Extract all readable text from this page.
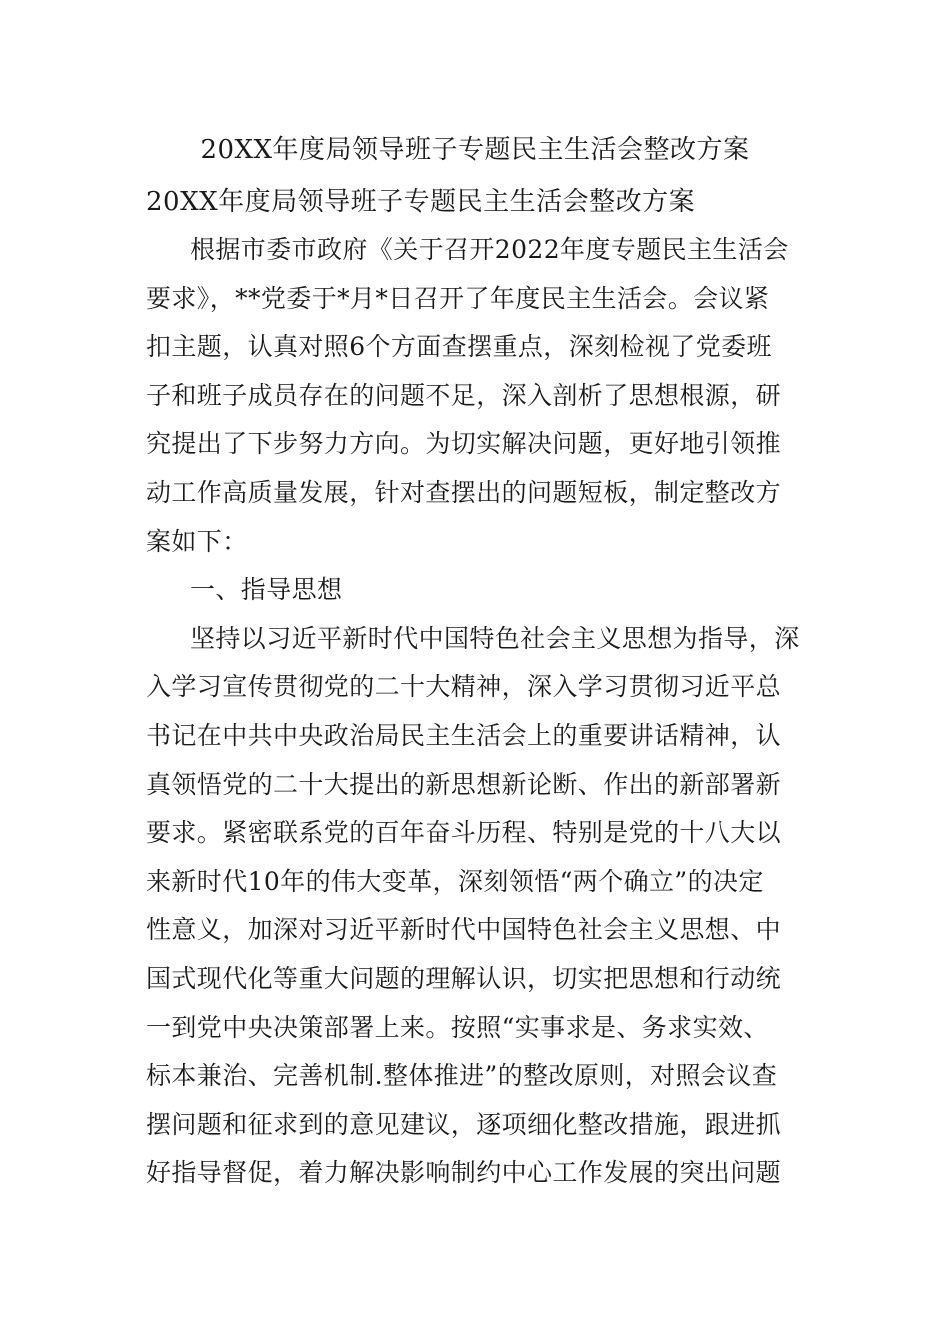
20XX年度局领导班子专题民主生活会整改方案
20XX年度局领导班子专题民主生活会整改方案
根据市委市政府《关于召开2022年度专题民主生活会
要求》，**党委于*月*日召开了年度民主生活会。会议紧
扣主题，认真对照6个方面查摆重点，深刻检视了党委班
子和班子成员存在的问题不足，深入剖析了思想根源，研
究提出了下步努力方向。为切实解决问题，更好地引领推
动工作高质量发展，针对查摆出的问题短板，制定整改方
案如下：
一、指导思想
坚持以习近平新时代中国特色社会主义思想为指导，深
入学习宣传贯彻党的二十大精神，深入学习贯彻习近平总
书记在中共中央政治局民主生活会上的重要讲话精神，认
真领悟党的二十大提出的新思想新论断、作出的新部署新
要求。紧密联系党的百年奋斗历程、特别是党的十八大以
来新时代10年的伟大变革，深刻领悟“两个确立”的决定
性意义，加深对习近平新时代中国特色社会主义思想、中
国式现代化等重大问题的理解认识，切实把思想和行动统
一到党中央决策部署上来。按照“实事求是、务求实效、
标本兼治、完善机制.整体推进”的整改原则，对照会议查
摆问题和征求到的意见建议，逐项细化整改措施，跟进抓
好指导督促，着力解决影响制约中心工作发展的突出问题
